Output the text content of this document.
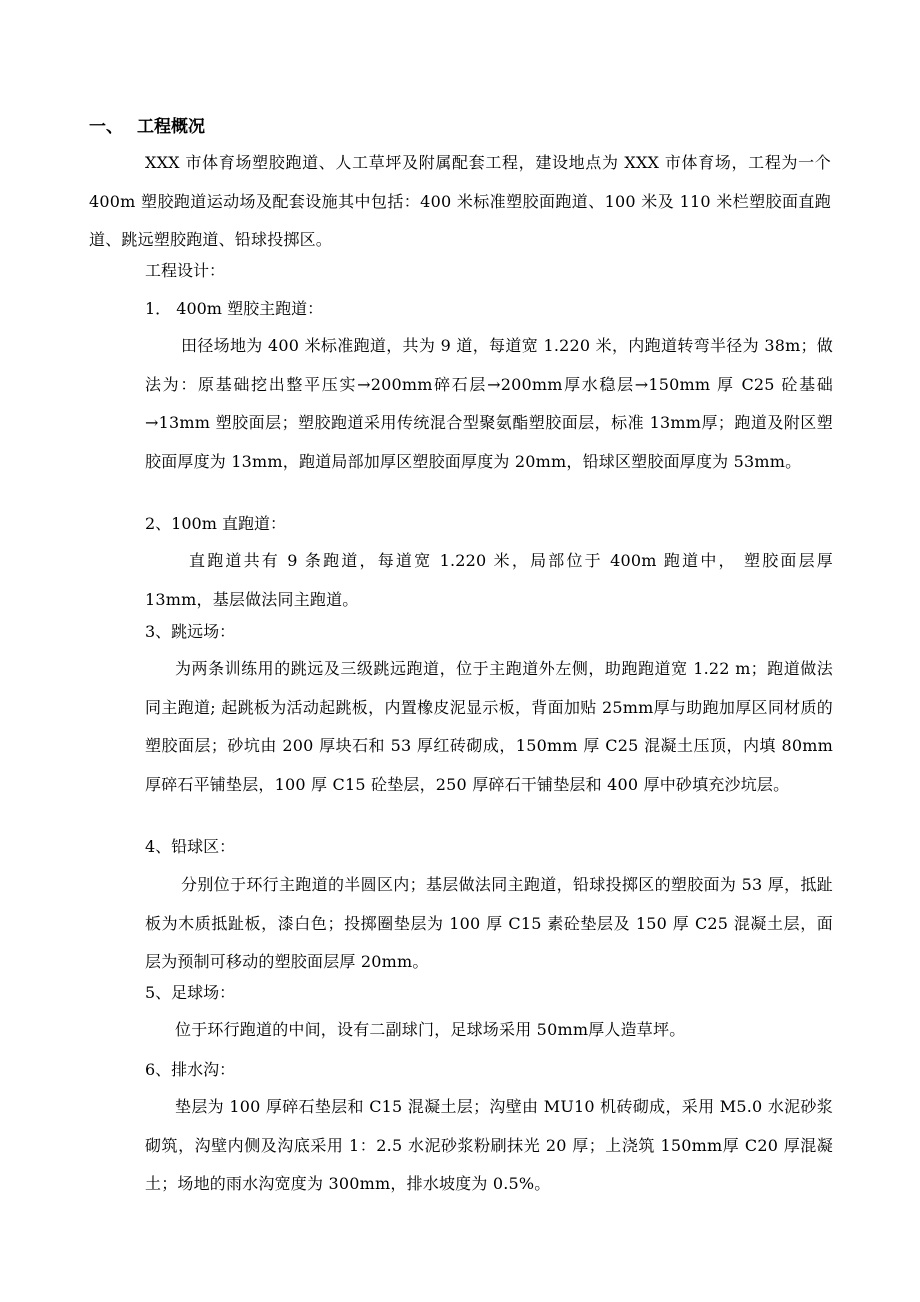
一、 工程概况
XXX 市体育场塑胶跑道、人工草坪及附属配套工程，建设地点为 XXX 市体育场，工程为一个 400m 塑胶跑道运动场及配套设施其中包括：400 米标准塑胶面跑道、100 米及 110 米栏塑胶面直跑道、跳远塑胶跑道、铅球投掷区。
工程设计：
1． 400m 塑胶主跑道：
田径场地为 400 米标准跑道，共为 9 道，每道宽 1.220 米，内跑道转弯半径为 38m；做法为：原基础挖出整平压实→200mm碎石层→200mm厚水稳层→150mm 厚 C25 砼基础→13mm 塑胶面层；塑胶跑道采用传统混合型聚氨酯塑胶面层，标准 13mm厚；跑道及附区塑胶面厚度为 13mm，跑道局部加厚区塑胶面厚度为 20mm，铅球区塑胶面厚度为 53mm。
2、100m 直跑道：
直跑道共有 9 条跑道，每道宽 1.220 米，局部位于 400m 跑道中， 塑胶面层厚 13mm，基层做法同主跑道。
3、跳远场：
为两条训练用的跳远及三级跳远跑道，位于主跑道外左侧，助跑跑道宽 1.22 m；跑道做法同主跑道; 起跳板为活动起跳板，内置橡皮泥显示板，背面加贴 25mm厚与助跑加厚区同材质的塑胶面层；砂坑由 200 厚块石和 53 厚红砖砌成，150mm 厚 C25 混凝土压顶，内填 80mm 厚碎石平铺垫层，100 厚 C15 砼垫层，250 厚碎石干铺垫层和 400 厚中砂填充沙坑层。
4、铅球区：
分别位于环行主跑道的半圆区内；基层做法同主跑道，铅球投掷区的塑胶面为 53 厚，抵趾板为木质抵趾板，漆白色；投掷圈垫层为 100 厚 C15 素砼垫层及 150 厚 C25 混凝土层，面层为预制可移动的塑胶面层厚 20mm。
5、足球场：
位于环行跑道的中间，设有二副球门，足球场采用 50mm厚人造草坪。
6、排水沟：
垫层为 100 厚碎石垫层和 C15 混凝土层；沟壁由 MU10 机砖砌成，采用 M5.0 水泥砂浆砌筑，沟壁内侧及沟底采用 1：2.5 水泥砂浆粉刷抹光 20 厚；上浇筑 150mm厚 C20 厚混凝土；场地的雨水沟宽度为 300mm，排水坡度为 0.5%。
